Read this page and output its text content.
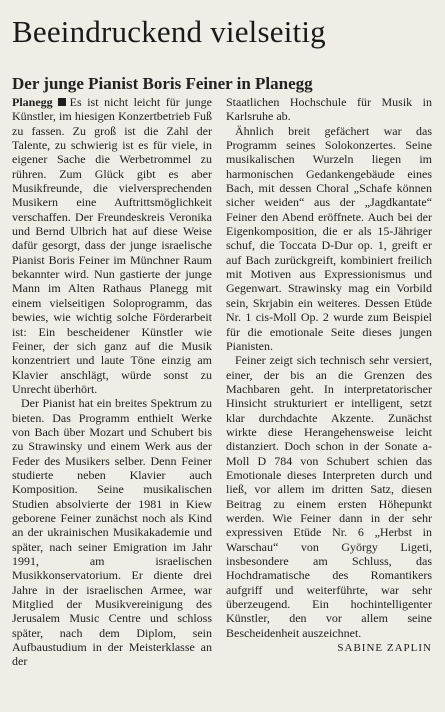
Beeindruckend vielseitig
Der junge Pianist Boris Feiner in Planegg

Planegg Es ist nicht leicht für junge Künstler, im hiesigen Konzertbetrieb Fuß zu fassen. Zu groß ist die Zahl der Talente, zu schwierig ist es für viele, in eigener Sache die Werbetrommel zu rühren. Zum Glück gibt es aber Musikfreunde, die vielversprechenden Musikern eine Auftrittsmöglichkeit verschaffen. Der Freundeskreis Veronika und Bernd Ulbrich hat auf diese Weise dafür gesorgt, dass der junge israelische Pianist Boris Feiner im Münchner Raum bekannter wird. Nun gastierte der junge Mann im Alten Rathaus Planegg mit einem vielseitigen Soloprogramm, das bewies, wie wichtig solche Förderarbeit ist: Ein bescheidener Künstler wie Feiner, der sich ganz auf die Musik konzentriert und laute Töne einzig am Klavier anschlägt, würde sonst zu Unrecht überhört.

Der Pianist hat ein breites Spektrum zu bieten. Das Programm enthielt Werke von Bach über Mozart und Schubert bis zu Strawinsky und einem Werk aus der Feder des Musikers selber. Denn Feiner studierte neben Klavier auch Komposition. Seine musikalischen Studien absolvierte der 1981 in Kiew geborene Feiner zunächst noch als Kind an der ukrainischen Musikakademie und später, nach seiner Emigration im Jahr 1991, am israelischen Musikkonservatorium. Er diente drei Jahre in der israelischen Armee, war Mitglied der Musikvereinigung des Jerusalem Music Centre und schloss später, nach dem Diplom, sein Aufbaustudium in der Meisterklasse an der

Staatlichen Hochschule für Musik in Karlsruhe ab.

Ähnlich breit gefächert war das Programm seines Solokonzertes. Seine musikalischen Wurzeln liegen im harmonischen Gedankengebäude eines Bach, mit dessen Choral „Schafe können sicher weiden“ aus der „Jagdkantate“ Feiner den Abend eröffnete. Auch bei der Eigenkomposition, die er als 15-Jähriger schuf, die Toccata D-Dur op. 1, greift er auf Bach zurückgreift, kombiniert freilich mit Motiven aus Expressionismus und Gegenwart. Strawinsky mag ein Vorbild sein, Skrjabin ein weiteres. Dessen Etüde Nr. 1 cis-Moll Op. 2 wurde zum Beispiel für die emotionale Seite dieses jungen Pianisten.

Feiner zeigt sich technisch sehr versiert, einer, der bis an die Grenzen des Machbaren geht. In interpretatorischer Hinsicht strukturiert er intelligent, setzt klar durchdachte Akzente. Zunächst wirkte diese Herangehensweise leicht distanziert. Doch schon in der Sonate a-Moll D 784 von Schubert schien das Emotionale dieses Interpreten durch und ließ, vor allem im dritten Satz, diesen Beitrag zu einem ersten Höhepunkt werden. Wie Feiner dann in der sehr expressiven Etüde Nr. 6 „Herbst in Warschau“ von György Ligeti, insbesondere am Schluss, das Hochdramatische des Romantikers aufgriff und weiterführte, war sehr überzeugend. Ein hochintelligenter Künstler, den vor allem seine Bescheidenheit auszeichnet.

SABINE ZAPLIN
